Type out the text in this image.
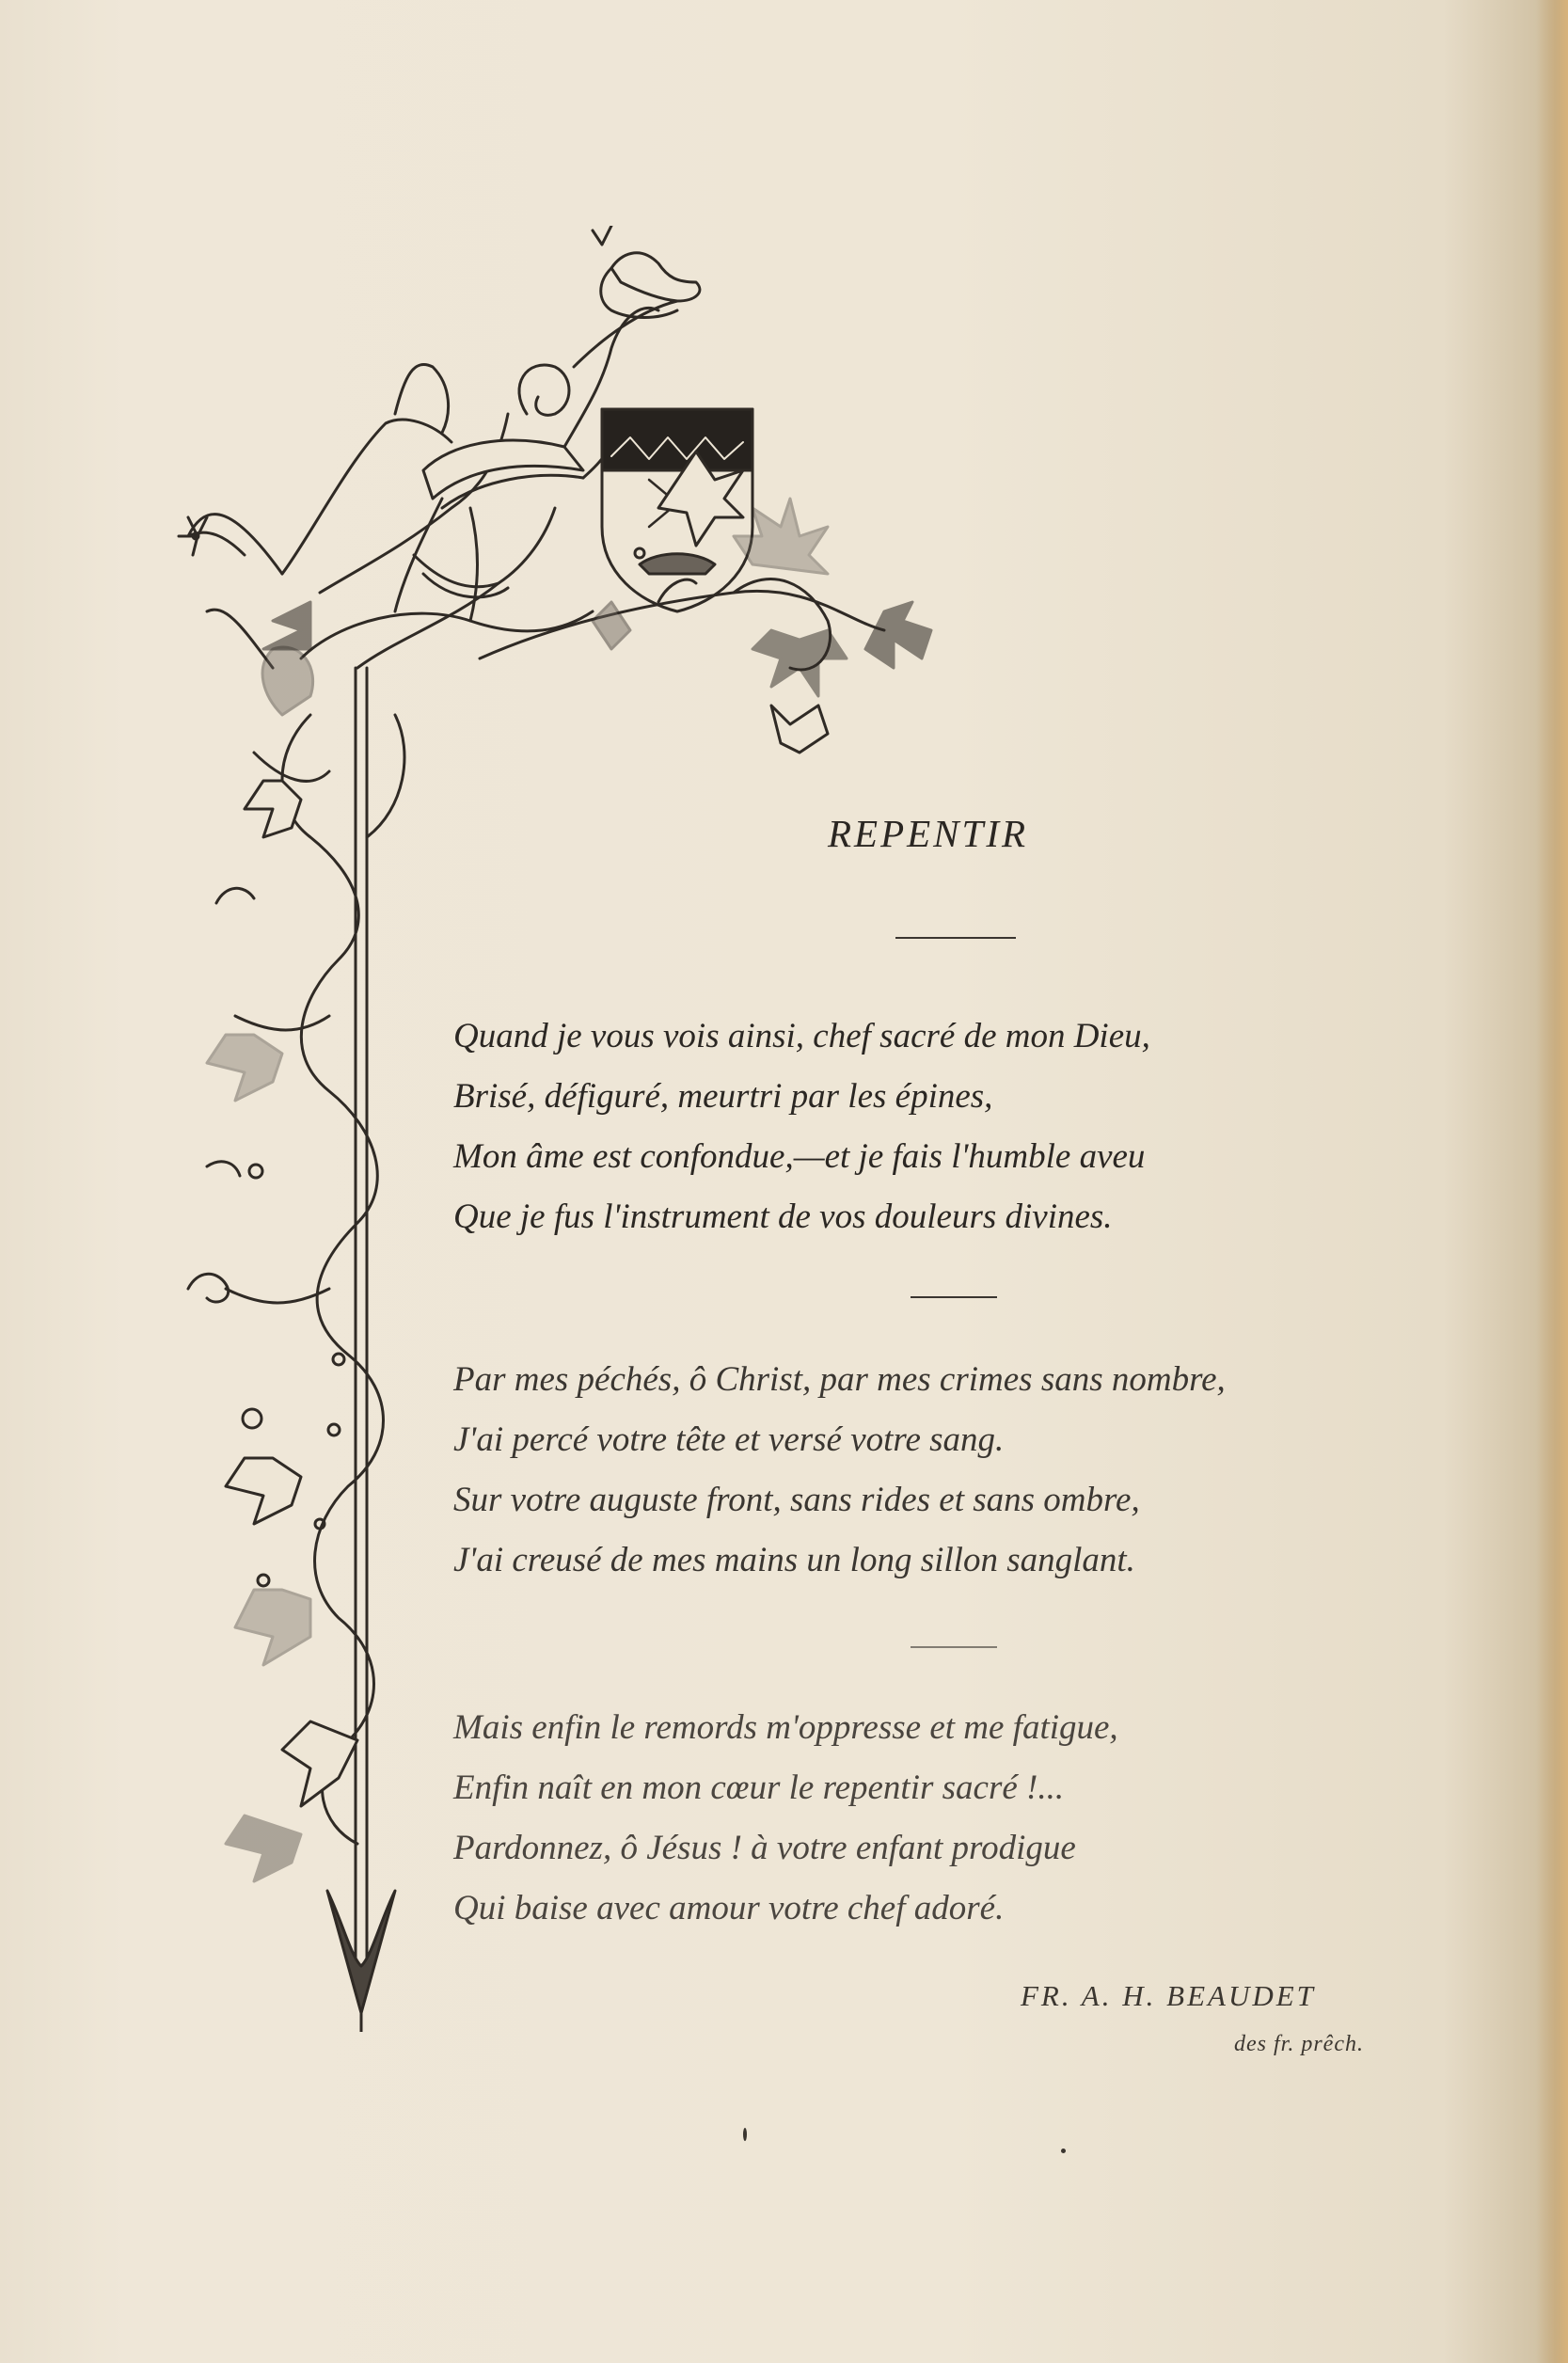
REPENTIR
Quand je vous vois ainsi, chef sacré de mon Dieu,
Brisé, défiguré, meurtri par les épines,
Mon âme est confondue,—et je fais l'humble aveu
Que je fus l'instrument de vos douleurs divines.
Par mes péchés, ô Christ, par mes crimes sans nombre,
J'ai percé votre tête et versé votre sang.
Sur votre auguste front, sans rides et sans ombre,
J'ai creusé de mes mains un long sillon sanglant.
Mais enfin le remords m'oppresse et me fatigue,
Enfin naît en mon cœur le repentir sacré !...
Pardonnez, ô Jésus ! à votre enfant prodigue
Qui baise avec amour votre chef adoré.
FR. A. H. BEAUDET
des fr. prêch.
